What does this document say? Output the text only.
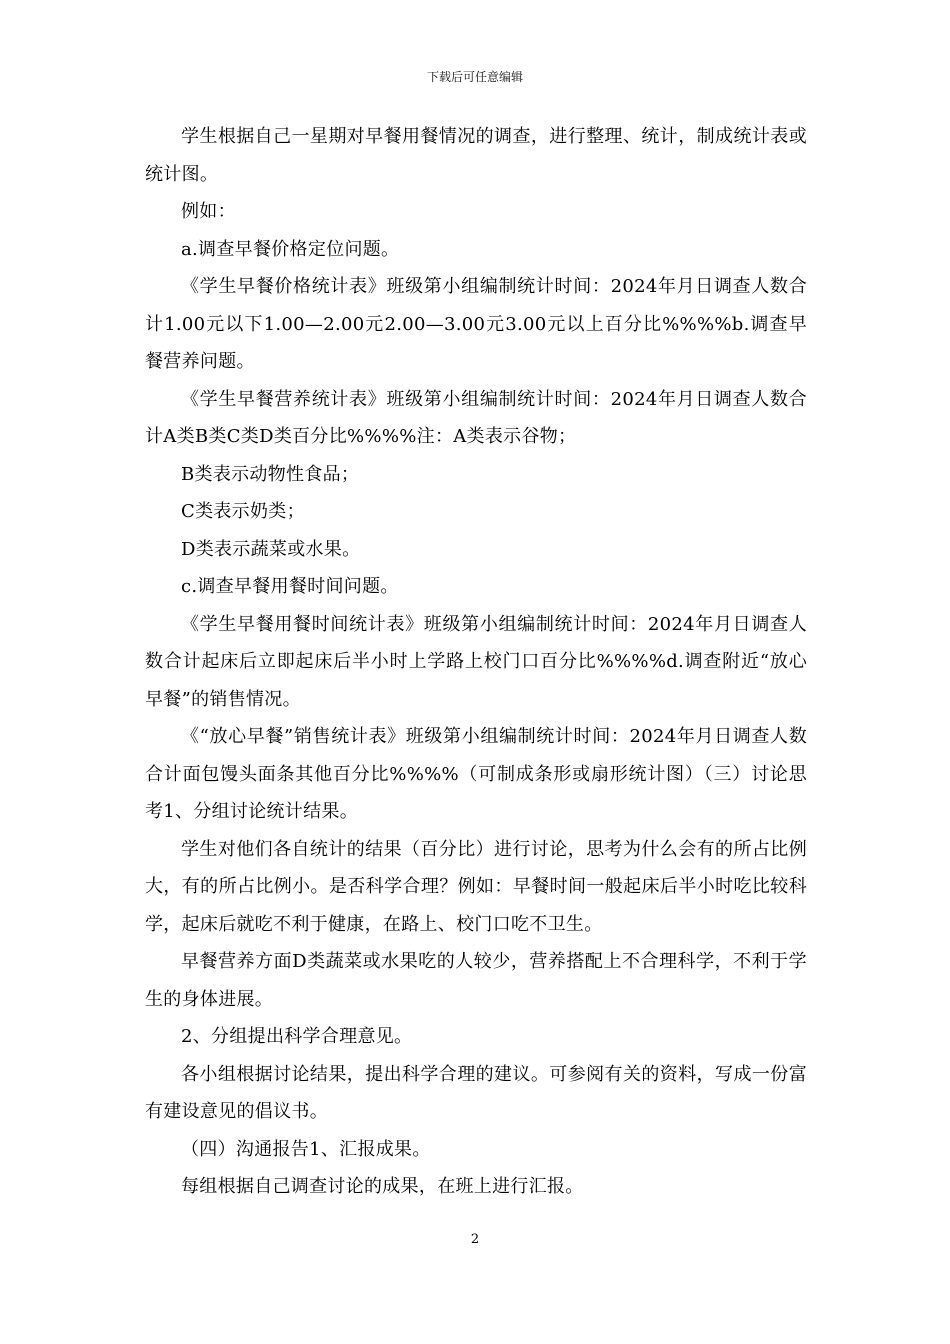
下载后可任意编辑

学生根据自己一星期对早餐用餐情况的调查，进行整理、统计，制成统计表或统计图。

例如：

a.调查早餐价格定位问题。

《学生早餐价格统计表》班级第小组编制统计时间：2024年月日调查人数合计1.00元以下1.00—2.00元2.00—3.00元3.00元以上百分比%%%%b.调查早餐营养问题。

《学生早餐营养统计表》班级第小组编制统计时间：2024年月日调查人数合计A类B类C类D类百分比%%%%注：A类表示谷物；

B类表示动物性食品；

C类表示奶类；

D类表示蔬菜或水果。

c.调查早餐用餐时间问题。

《学生早餐用餐时间统计表》班级第小组编制统计时间：2024年月日调查人数合计起床后立即起床后半小时上学路上校门口百分比%%%%d.调查附近“放心早餐”的销售情况。

《“放心早餐”销售统计表》班级第小组编制统计时间：2024年月日调查人数合计面包馒头面条其他百分比%%%%（可制成条形或扇形统计图）（三）讨论思考1、分组讨论统计结果。

学生对他们各自统计的结果（百分比）进行讨论，思考为什么会有的所占比例大，有的所占比例小。是否科学合理？例如：早餐时间一般起床后半小时吃比较科学，起床后就吃不利于健康，在路上、校门口吃不卫生。

早餐营养方面D类蔬菜或水果吃的人较少，营养搭配上不合理科学，不利于学生的身体进展。

2、分组提出科学合理意见。

各小组根据讨论结果，提出科学合理的建议。可参阅有关的资料，写成一份富有建设意见的倡议书。

（四）沟通报告1、汇报成果。

每组根据自己调查讨论的成果，在班上进行汇报。

2
